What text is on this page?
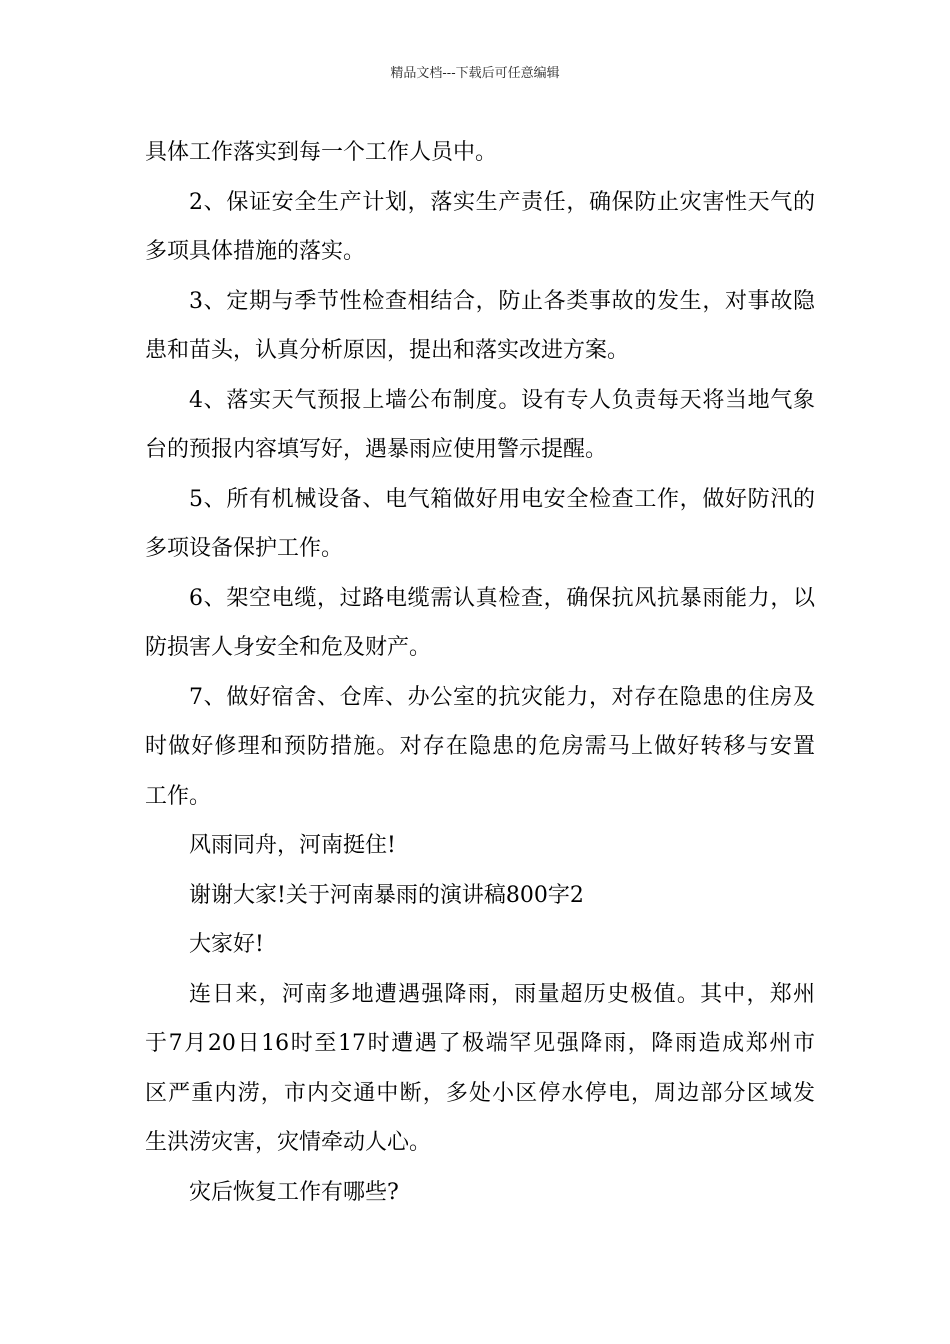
精品文档---下载后可任意编辑
具体工作落实到每一个工作人员中。
2、保证安全生产计划，落实生产责任，确保防止灾害性天气的
多项具体措施的落实。
3、定期与季节性检查相结合，防止各类事故的发生，对事故隐
患和苗头，认真分析原因，提出和落实改进方案。
4、落实天气预报上墙公布制度。设有专人负责每天将当地气象
台的预报内容填写好，遇暴雨应使用警示提醒。
5、所有机械设备、电气箱做好用电安全检查工作，做好防汛的
多项设备保护工作。
6、架空电缆，过路电缆需认真检查，确保抗风抗暴雨能力，以
防损害人身安全和危及财产。
7、做好宿舍、仓库、办公室的抗灾能力，对存在隐患的住房及
时做好修理和预防措施。对存在隐患的危房需马上做好转移与安置
工作。
风雨同舟，河南挺住!
谢谢大家!关于河南暴雨的演讲稿800字2
大家好!
连日来，河南多地遭遇强降雨，雨量超历史极值。其中，郑州
于7月20日16时至17时遭遇了极端罕见强降雨，降雨造成郑州市
区严重内涝，市内交通中断，多处小区停水停电，周边部分区域发
生洪涝灾害，灾情牵动人心。
灾后恢复工作有哪些?
